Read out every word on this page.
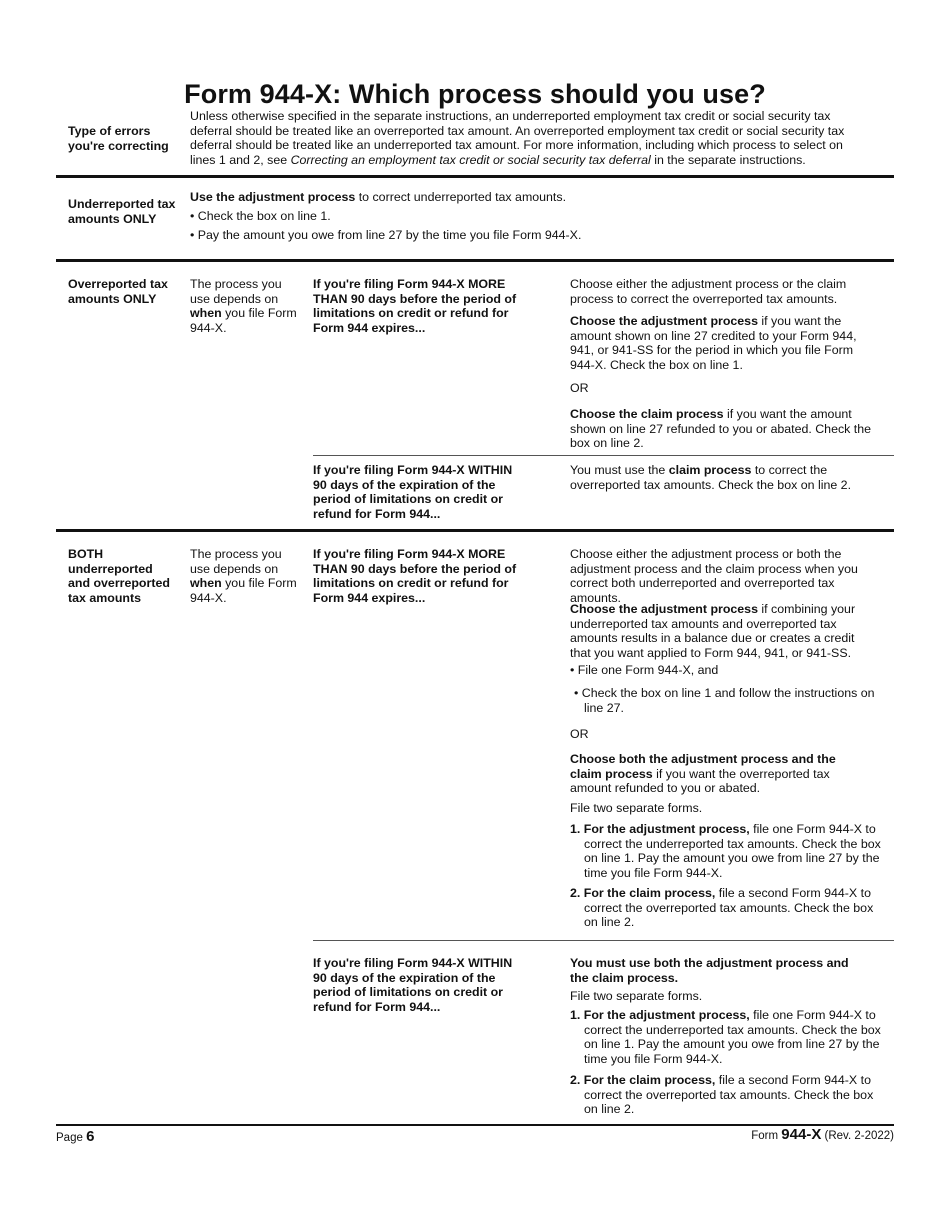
Form 944-X: Which process should you use?
Type of errors you're correcting

Unless otherwise specified in the separate instructions, an underreported employment tax credit or social security tax deferral should be treated like an overreported tax amount. An overreported employment tax credit or social security tax deferral should be treated like an underreported tax amount. For more information, including which process to select on lines 1 and 2, see Correcting an employment tax credit or social security tax deferral in the separate instructions.

Underreported tax amounts ONLY

Use the adjustment process to correct underreported tax amounts.

• Check the box on line 1.

• Pay the amount you owe from line 27 by the time you file Form 944-X.

Overreported tax amounts ONLY

The process you use depends on when you file Form 944-X.

If you're filing Form 944-X MORE THAN 90 days before the period of limitations on credit or refund for Form 944 expires...

Choose either the adjustment process or the claim process to correct the overreported tax amounts.

Choose the adjustment process if you want the amount shown on line 27 credited to your Form 944, 941, or 941-SS for the period in which you file Form 944-X. Check the box on line 1.

OR

Choose the claim process if you want the amount shown on line 27 refunded to you or abated. Check the box on line 2.

If you're filing Form 944-X WITHIN 90 days of the expiration of the period of limitations on credit or refund for Form 944...

You must use the claim process to correct the overreported tax amounts. Check the box on line 2.

BOTH underreported and overreported tax amounts

The process you use depends on when you file Form 944-X.

If you're filing Form 944-X MORE THAN 90 days before the period of limitations on credit or refund for Form 944 expires...

Choose either the adjustment process or both the adjustment process and the claim process when you correct both underreported and overreported tax amounts.

Choose the adjustment process if combining your underreported tax amounts and overreported tax amounts results in a balance due or creates a credit that you want applied to Form 944, 941, or 941-SS.

• File one Form 944-X, and

• Check the box on line 1 and follow the instructions on line 27.

OR

Choose both the adjustment process and the claim process if you want the overreported tax amount refunded to you or abated.

File two separate forms.

1. For the adjustment process, file one Form 944-X to correct the underreported tax amounts. Check the box on line 1. Pay the amount you owe from line 27 by the time you file Form 944-X.

2. For the claim process, file a second Form 944-X to correct the overreported tax amounts. Check the box on line 2.

If you're filing Form 944-X WITHIN 90 days of the expiration of the period of limitations on credit or refund for Form 944...

You must use both the adjustment process and the claim process.

File two separate forms.

1. For the adjustment process, file one Form 944-X to correct the underreported tax amounts. Check the box on line 1. Pay the amount you owe from line 27 by the time you file Form 944-X.

2. For the claim process, file a second Form 944-X to correct the overreported tax amounts. Check the box on line 2.

Page 6	Form 944-X (Rev. 2-2022)
